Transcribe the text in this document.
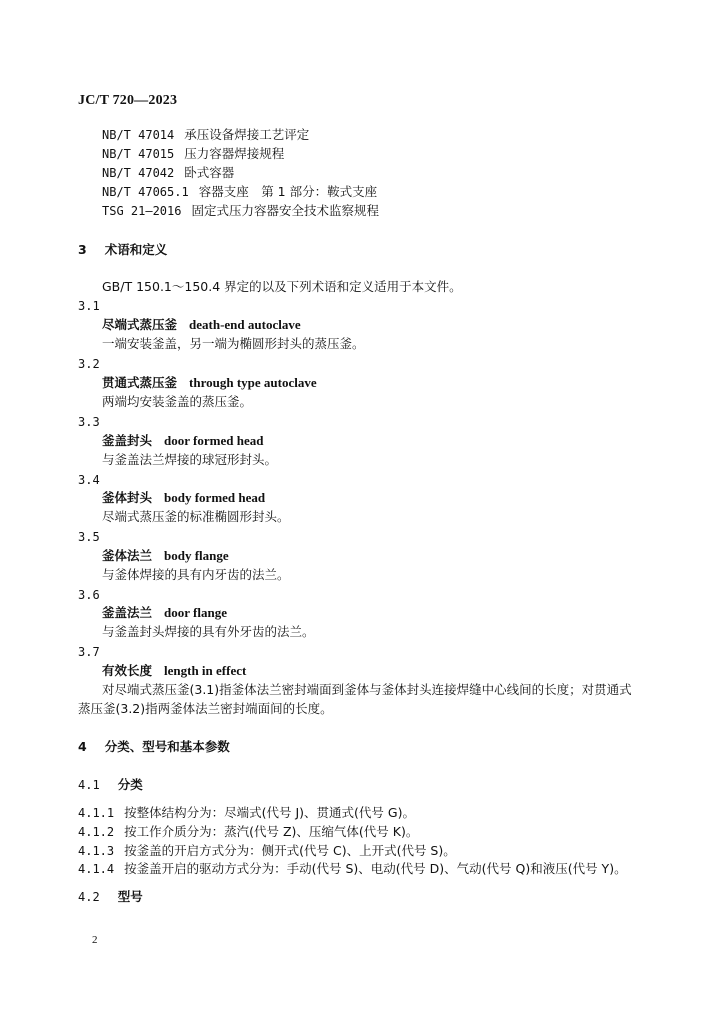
JC/T 720—2023
NB/T 47014 承压设备焊接工艺评定
NB/T 47015 压力容器焊接规程
NB/T 47042 卧式容器
NB/T 47065.1 容器支座　第 1 部分：鞍式支座
TSG 21—2016 固定式压力容器安全技术监察规程
3 术语和定义
GB/T 150.1～150.4 界定的以及下列术语和定义适用于本文件。
3.1
尽端式蒸压釜 death-end autoclave
一端安装釜盖，另一端为椭圆形封头的蒸压釜。
3.2
贯通式蒸压釜 through type autoclave
两端均安装釜盖的蒸压釜。
3.3
釜盖封头 door formed head
与釜盖法兰焊接的球冠形封头。
3.4
釜体封头 body formed head
尽端式蒸压釜的标准椭圆形封头。
3.5
釜体法兰 body flange
与釜体焊接的具有内牙齿的法兰。
3.6
釜盖法兰 door flange
与釜盖封头焊接的具有外牙齿的法兰。
3.7
有效长度 length in effect
对尽端式蒸压釜(3.1)指釜体法兰密封端面到釜体与釜体封头连接焊缝中心线间的长度；对贯通式
蒸压釜(3.2)指两釜体法兰密封端面间的长度。
4 分类、型号和基本参数
4.1 分类
4.1.1 按整体结构分为：尽端式(代号 J)、贯通式(代号 G)。
4.1.2 按工作介质分为：蒸汽(代号 Z)、压缩气体(代号 K)。
4.1.3 按釜盖的开启方式分为：侧开式(代号 C)、上开式(代号 S)。
4.1.4 按釜盖开启的驱动方式分为：手动(代号 S)、电动(代号 D)、气动(代号 Q)和液压(代号 Y)。
4.2 型号
2
